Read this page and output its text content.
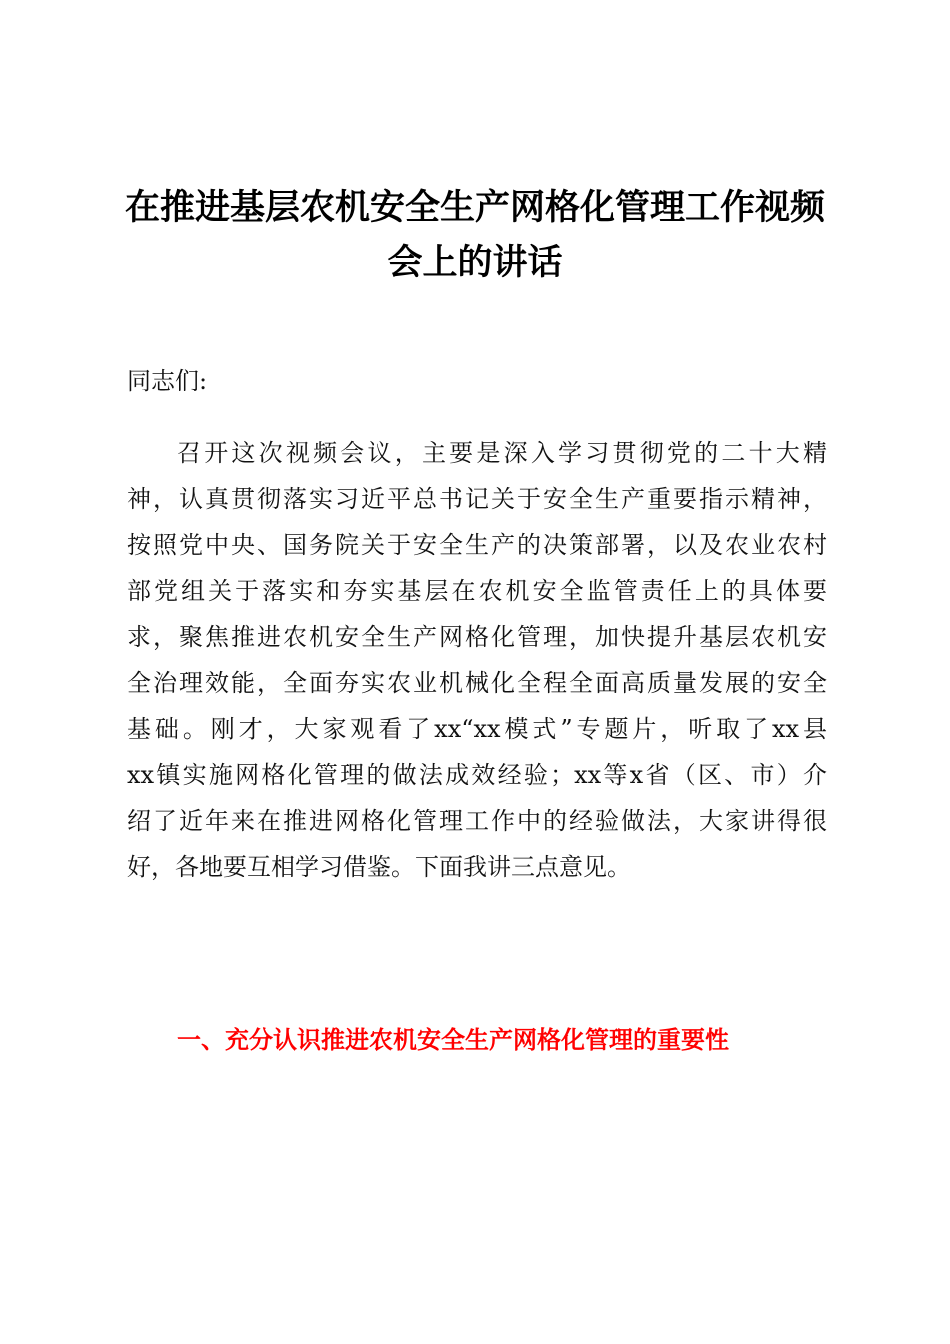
在推进基层农机安全生产网格化管理工作视频
会上的讲话

同志们:

召开这次视频会议，主要是深入学习贯彻党的二十大精
神，认真贯彻落实习近平总书记关于安全生产重要指示精神，
按照党中央、国务院关于安全生产的决策部署，以及农业农村
部党组关于落实和夯实基层在农机安全监管责任上的具体要
求，聚焦推进农机安全生产网格化管理，加快提升基层农机安
全治理效能，全面夯实农业机械化全程全面高质量发展的安全
基础。刚才，大家观看了xx“xx模式”专题片，听取了xx县
xx镇实施网格化管理的做法成效经验；xx等x省（区、市）介
绍了近年来在推进网格化管理工作中的经验做法，大家讲得很
好，各地要互相学习借鉴。下面我讲三点意见。
一、充分认识推进农机安全生产网格化管理的重要性
